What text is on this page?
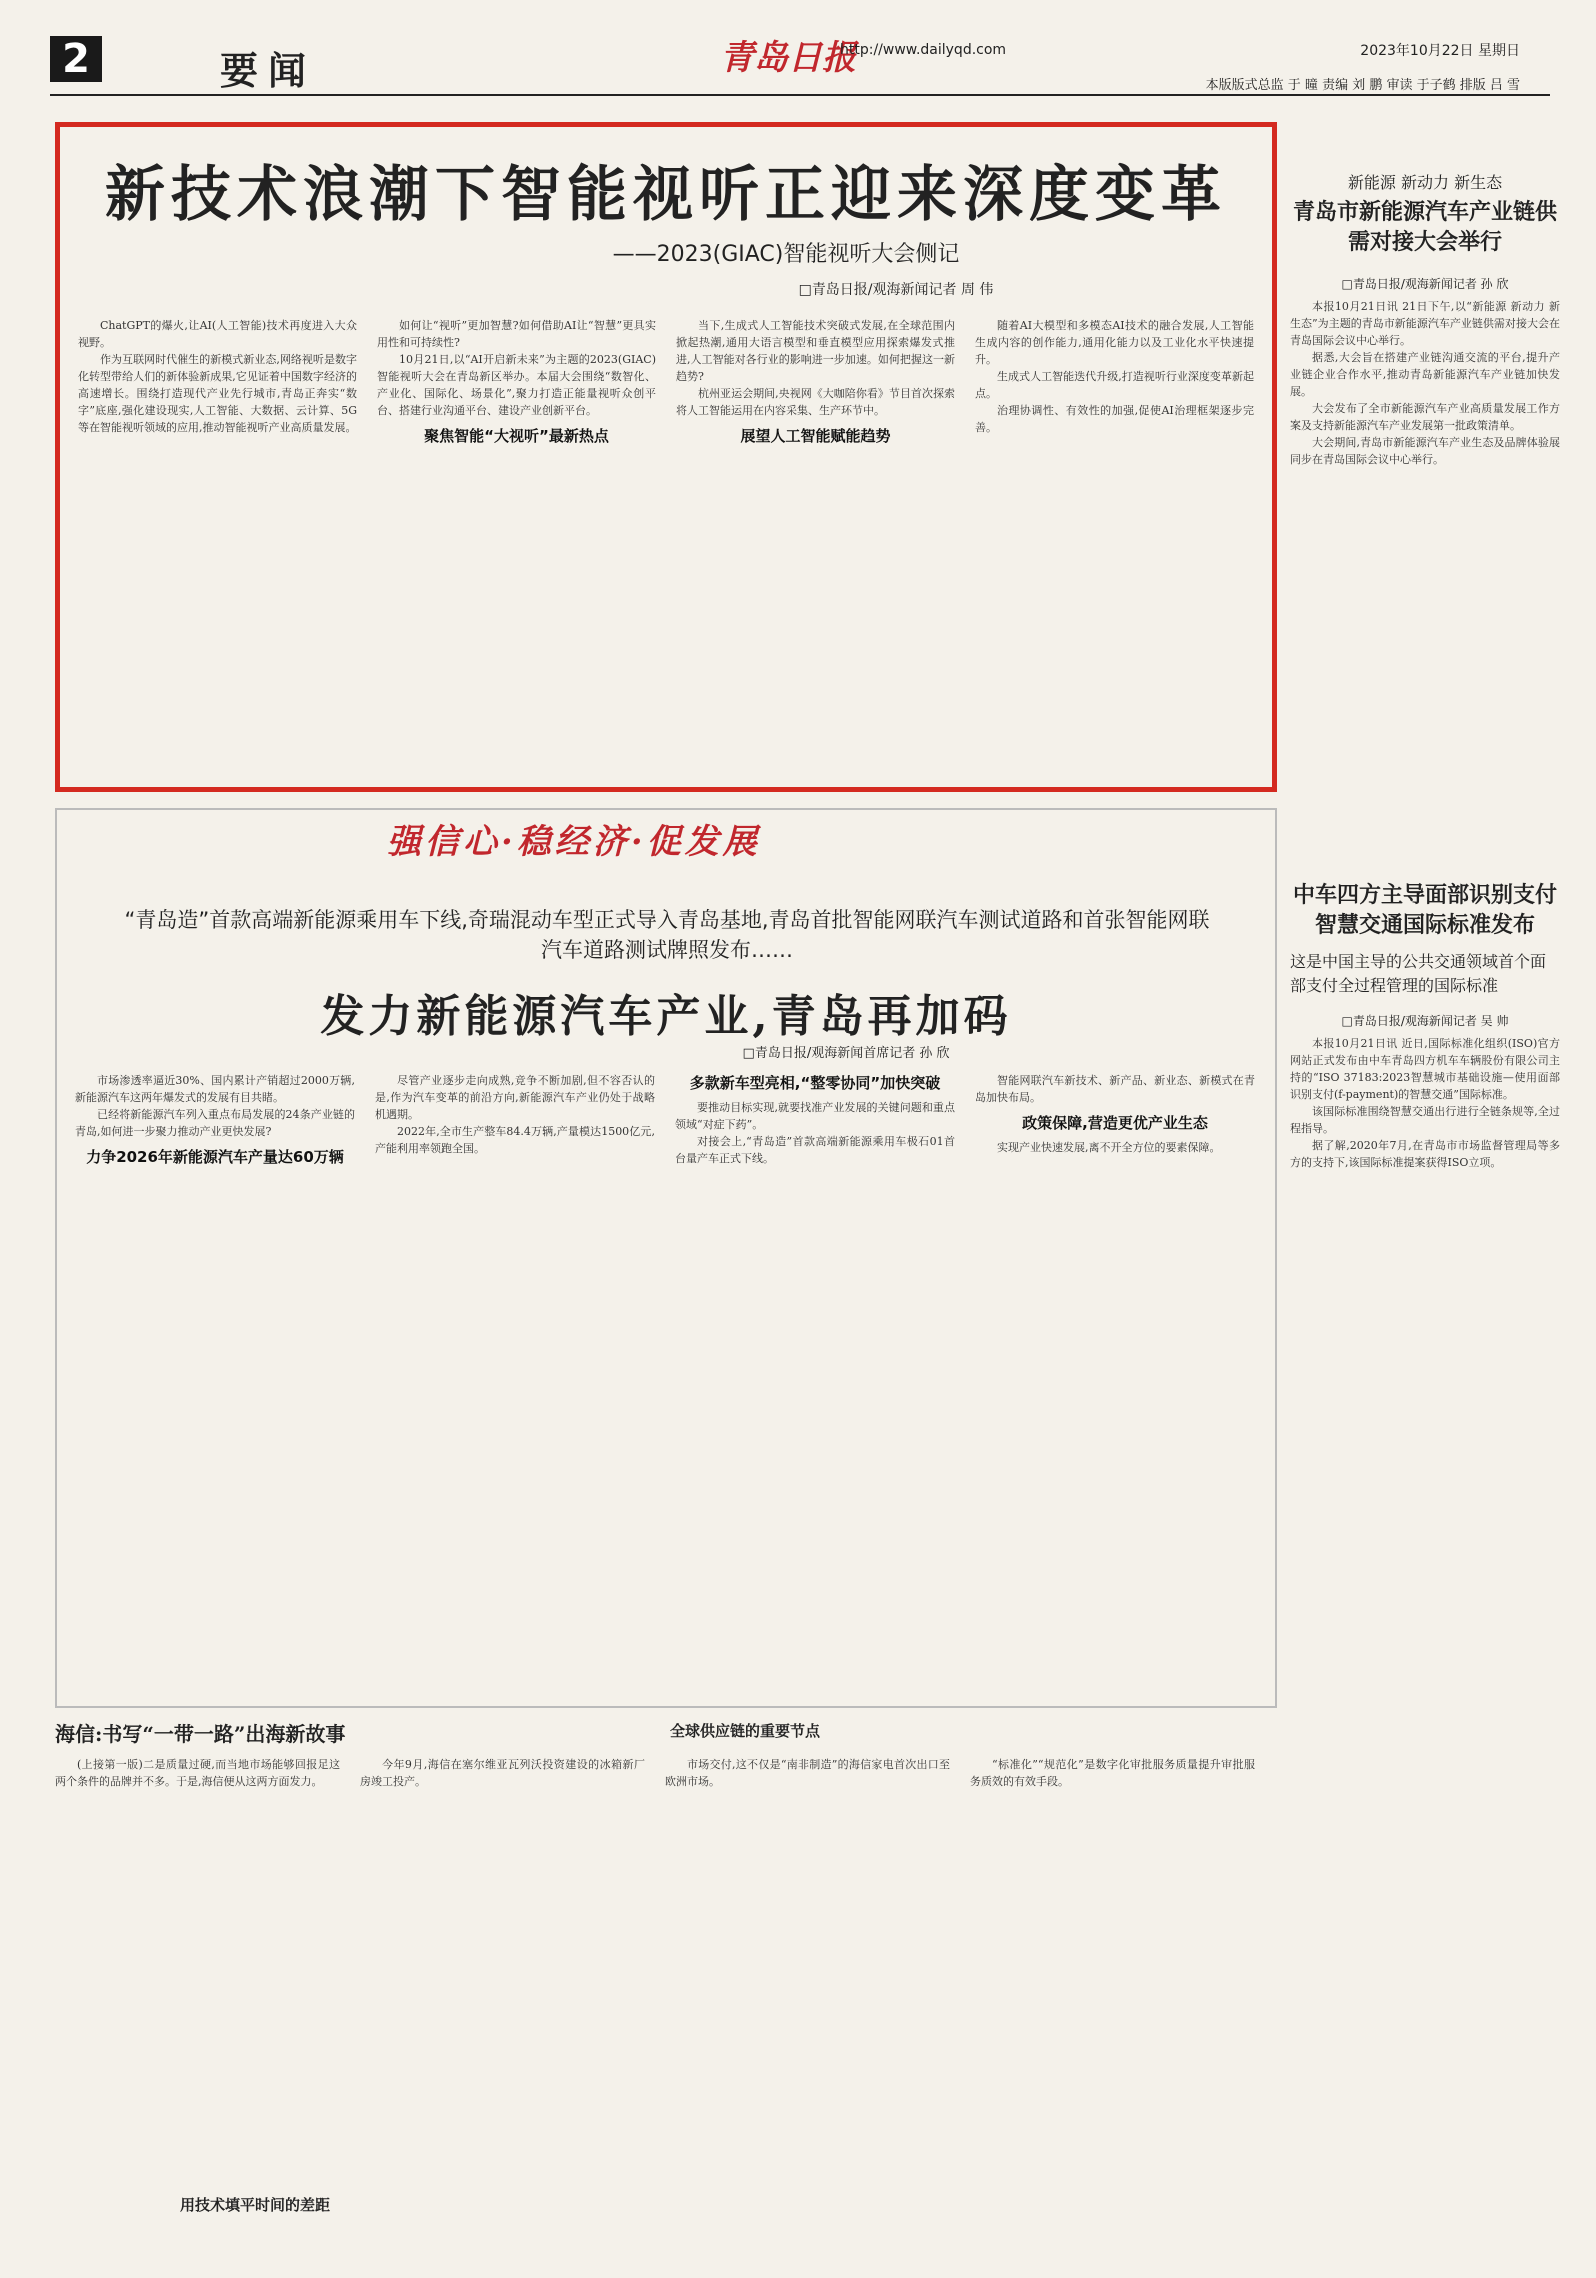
2	要闻	青岛日报
http://www.dailyqd.com	2023年10月22日 星期日
本版版式总监 于 曈 责编 刘 鹏 审读 于子鹤 排版 吕 雪
新技术浪潮下智能视听正迎来深度变革
——2023(GIAC)智能视听大会侧记
□青岛日报/观海新闻记者 周 伟

ChatGPT的爆火,让AI(人工智能)技术再度进入大众视野。

作为互联网时代催生的新模式新业态,网络视听是数字化转型带给人们的新体验新成果,它见证着中国数字经济的高速增长。围绕打造现代产业先行城市,青岛正奔实“数字”底座,强化建设现实,人工智能、大数据、云计算、5G等在智能视听领域的应用,推动智能视听产业高质量发展。

如何让“视听”更加智慧?如何借助AI让“智慧”更具实用性和可持续性?

10月21日,以“AI开启新未来”为主题的2023(GIAC)智能视听大会在青岛新区举办。本届大会围绕“数智化、产业化、国际化、场景化”,聚力打造正能量视听众创平台、搭建行业沟通平台、建设产业创新平台。

聚焦智能“大视听”最新热点

当下,生成式人工智能技术突破式发展,在全球范围内掀起热潮,通用大语言模型和垂直模型应用探索爆发式推进,人工智能对各行业的影响进一步加速。如何把握这一新趋势?

杭州亚运会期间,央视网《大咖陪你看》节目首次探索将人工智能运用在内容采集、生产环节中。

展望人工智能赋能趋势

随着AI大模型和多模态AI技术的融合发展,人工智能生成内容的创作能力,通用化能力以及工业化水平快速提升。

生成式人工智能迭代升级,打造视听行业深度变革新起点。

治理协调性、有效性的加强,促使AI治理框架逐步完善。

新能源 新动力 新生态
青岛市新能源汽车产业链供需对接大会举行
□青岛日报/观海新闻记者 孙 欣

本报10月21日讯 21日下午,以“新能源 新动力 新生态”为主题的青岛市新能源汽车产业链供需对接大会在青岛国际会议中心举行。

据悉,大会旨在搭建产业链沟通交流的平台,提升产业链企业合作水平,推动青岛新能源汽车产业链加快发展。

大会发布了全市新能源汽车产业高质量发展工作方案及支持新能源汽车产业发展第一批政策清单。

大会期间,青岛市新能源汽车产业生态及品牌体验展同步在青岛国际会议中心举行。

强信心·稳经济·促发展
“青岛造”首款高端新能源乘用车下线,奇瑞混动车型正式导入青岛基地,青岛首批智能网联汽车测试道路和首张智能网联汽车道路测试牌照发布……
发力新能源汽车产业,青岛再加码
□青岛日报/观海新闻首席记者 孙 欣

市场渗透率逼近30%、国内累计产销超过2000万辆,新能源汽车这两年爆发式的发展有目共睹。

已经将新能源汽车列入重点布局发展的24条产业链的青岛,如何进一步聚力推动产业更快发展?

力争2026年新能源汽车产量达60万辆

尽管产业逐步走向成熟,竞争不断加剧,但不容否认的是,作为汽车变革的前沿方向,新能源汽车产业仍处于战略机遇期。

2022年,全市生产整车84.4万辆,产量模达1500亿元,产能利用率领跑全国。

多款新车型亮相,“整零协同”加快突破

要推动目标实现,就要找准产业发展的关键问题和重点领域“对症下药”。

对接会上,“青岛造”首款高端新能源乘用车极石01首台量产车正式下线。

智能网联汽车新技术、新产品、新业态、新模式在青岛加快布局。

政策保障,营造更优产业生态

实现产业快速发展,离不开全方位的要素保障。

中车四方主导面部识别支付智慧交通国际标准发布
这是中国主导的公共交通领域首个面部支付全过程管理的国际标准
□青岛日报/观海新闻记者 吴 帅

本报10月21日讯 近日,国际标准化组织(ISO)官方网站正式发布由中车青岛四方机车车辆股份有限公司主持的“ISO 37183:2023智慧城市基础设施—使用面部识别支付(f-payment)的智慧交通”国际标准。

该国际标准围绕智慧交通出行进行全链条规等,全过程指导。

据了解,2020年7月,在青岛市市场监督管理局等多方的支持下,该国际标准提案获得ISO立项。

海信:书写“一带一路”出海新故事	全球供应链的重要节点
用技术填平时间的差距

(上接第一版)二是质量过硬,而当地市场能够回报足这两个条件的品牌并不多。于是,海信便从这两方面发力。

今年9月,海信在塞尔维亚瓦列沃投资建设的冰箱新厂房竣工投产。

市场交付,这不仅是“南非制造”的海信家电首次出口至欧洲市场。

“标准化”“规范化”是数字化审批服务质量提升审批服务质效的有效手段。
